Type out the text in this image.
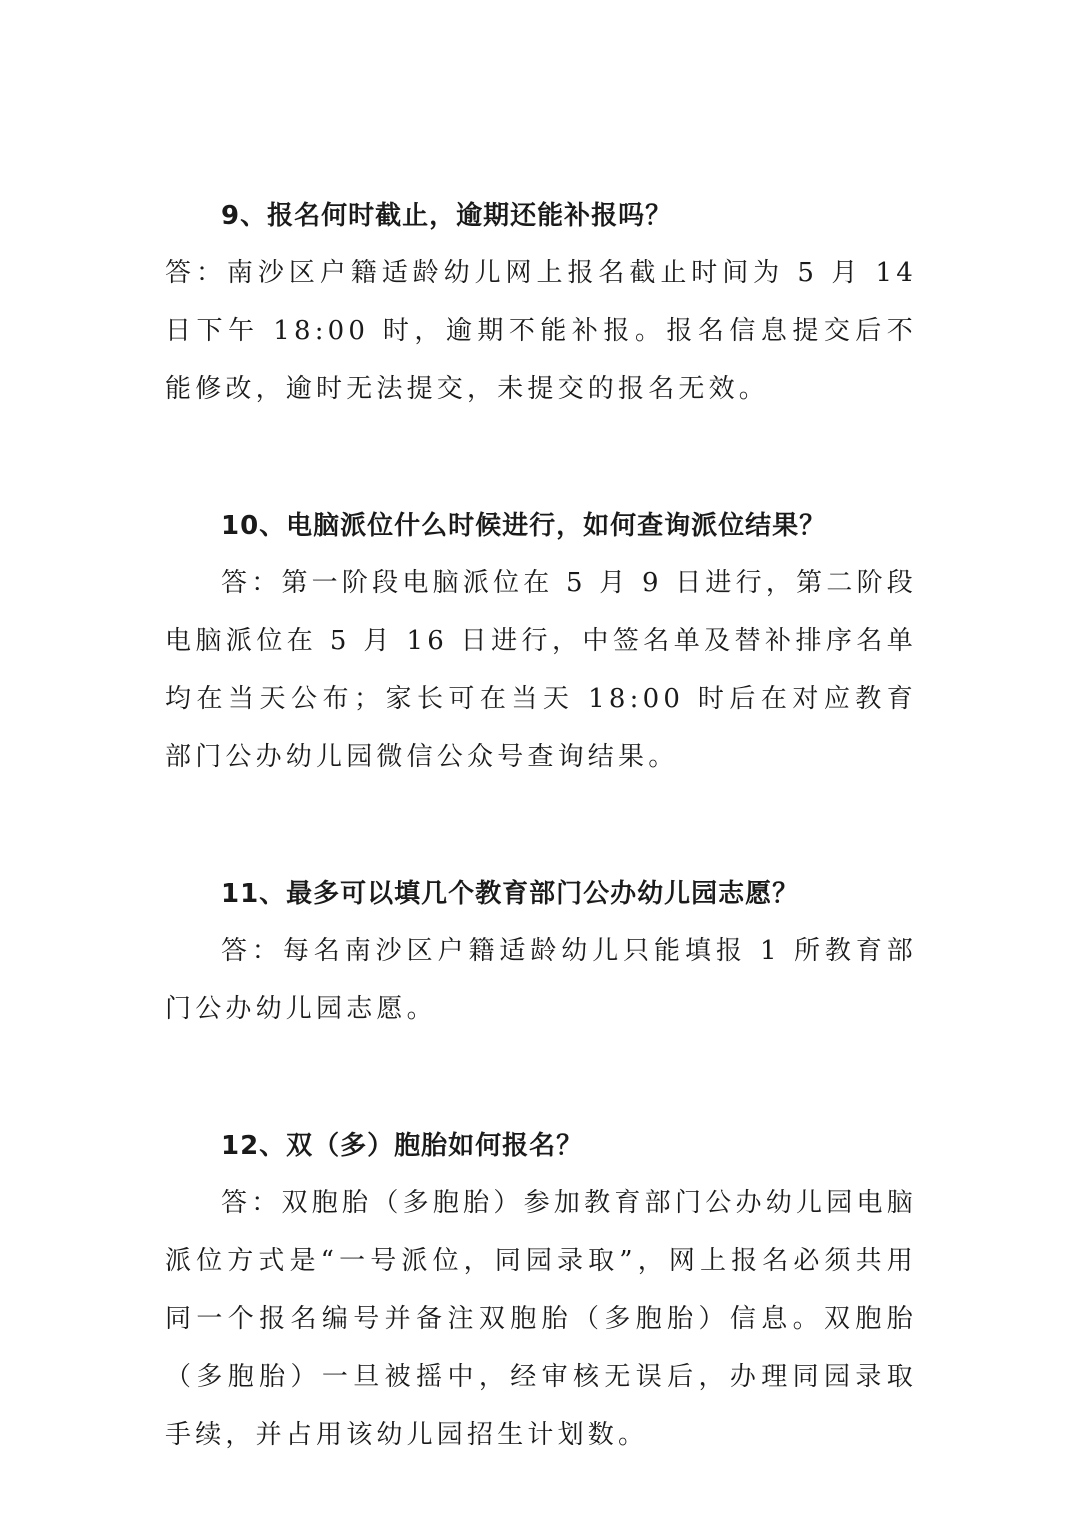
9、报名何时截止，逾期还能补报吗？

答：南沙区户籍适龄幼儿网上报名截止时间为 5 月 14 日下午 18:00 时，逾期不能补报。报名信息提交后不能修改，逾时无法提交，未提交的报名无效。

10、电脑派位什么时候进行，如何查询派位结果？

答：第一阶段电脑派位在 5 月 9 日进行，第二阶段电脑派位在 5 月 16 日进行，中签名单及替补排序名单均在当天公布；家长可在当天 18:00 时后在对应教育部门公办幼儿园微信公众号查询结果。

11、最多可以填几个教育部门公办幼儿园志愿？

答：每名南沙区户籍适龄幼儿只能填报 1 所教育部门公办幼儿园志愿。

12、双（多）胞胎如何报名？

答：双胞胎（多胞胎）参加教育部门公办幼儿园电脑派位方式是“一号派位，同园录取”，网上报名必须共用同一个报名编号并备注双胞胎（多胞胎）信息。双胞胎（多胞胎）一旦被摇中，经审核无误后，办理同园录取手续，并占用该幼儿园招生计划数。
